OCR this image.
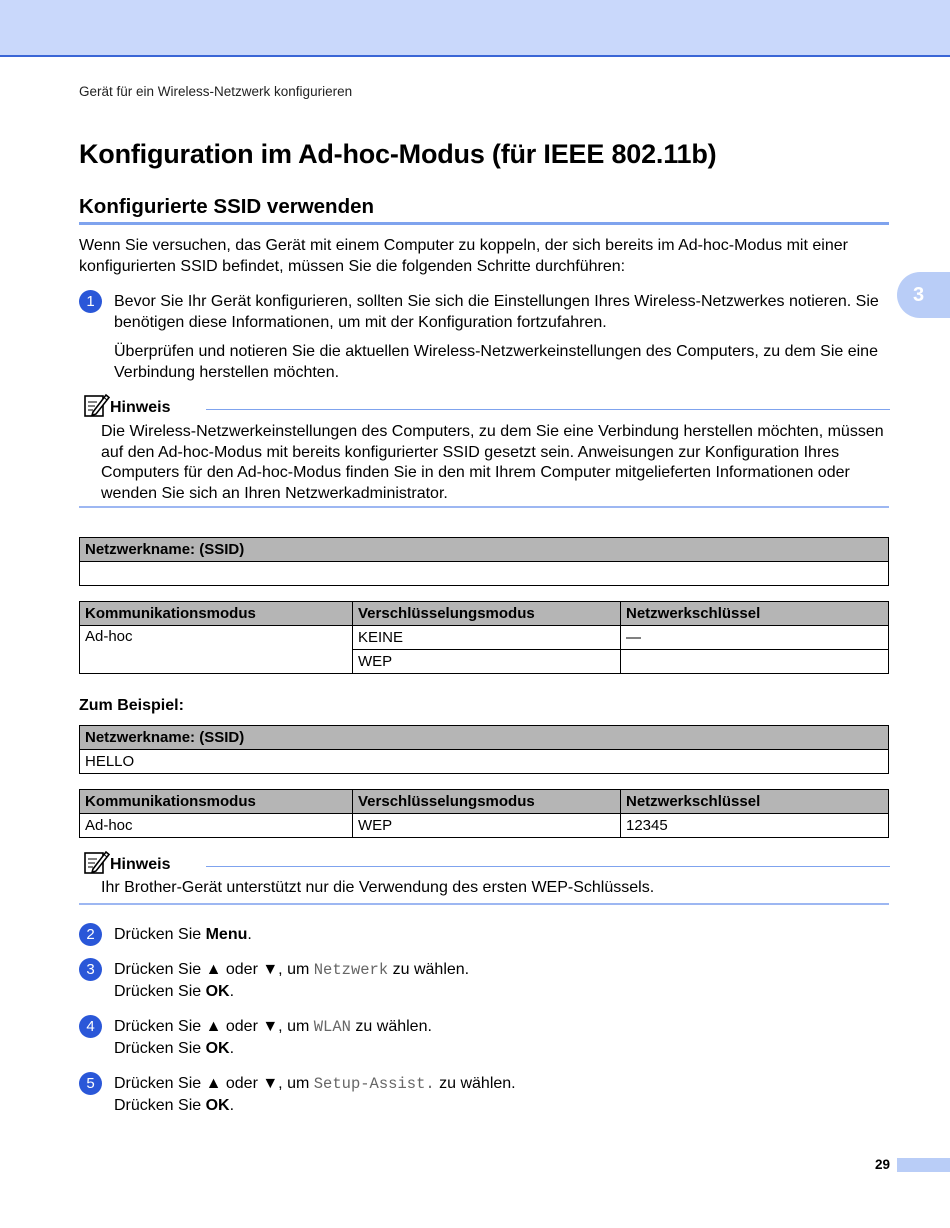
Gerät für ein Wireless-Netzwerk konfigurieren
3
Konfiguration im Ad-hoc-Modus (für IEEE 802.11b)
Konfigurierte SSID verwenden
Wenn Sie versuchen, das Gerät mit einem Computer zu koppeln, der sich bereits im Ad-hoc-Modus mit einer konfigurierten SSID befindet, müssen Sie die folgenden Schritte durchführen:
1	Bevor Sie Ihr Gerät konfigurieren, sollten Sie sich die Einstellungen Ihres Wireless-Netzwerkes notieren. Sie benötigen diese Informationen, um mit der Konfiguration fortzufahren.
Überprüfen und notieren Sie die aktuellen Wireless-Netzwerkeinstellungen des Computers, zu dem Sie eine Verbindung herstellen möchten.
Hinweis
Die Wireless-Netzwerkeinstellungen des Computers, zu dem Sie eine Verbindung herstellen möchten, müssen auf den Ad-hoc-Modus mit bereits konfigurierter SSID gesetzt sein. Anweisungen zur Konfiguration Ihres Computers für den Ad-hoc-Modus finden Sie in den mit Ihrem Computer mitgelieferten Informationen oder wenden Sie sich an Ihren Netzwerkadministrator.
Netzwerkname: (SSID)

Kommunikationsmodus	Verschlüsselungsmodus	Netzwerkschlüssel
Ad-hoc	KEINE	—
	WEP	
Zum Beispiel:
Netzwerkname: (SSID)
HELLO
Kommunikationsmodus	Verschlüsselungsmodus	Netzwerkschlüssel
Ad-hoc	WEP	12345
Hinweis
Ihr Brother-Gerät unterstützt nur die Verwendung des ersten WEP-Schlüssels.
2	Drücken Sie Menu.
3	Drücken Sie ▲ oder ▼, um Netzwerk zu wählen.
Drücken Sie OK.
4	Drücken Sie ▲ oder ▼, um WLAN zu wählen.
Drücken Sie OK.
5	Drücken Sie ▲ oder ▼, um Setup-Assist. zu wählen.
Drücken Sie OK.
29
